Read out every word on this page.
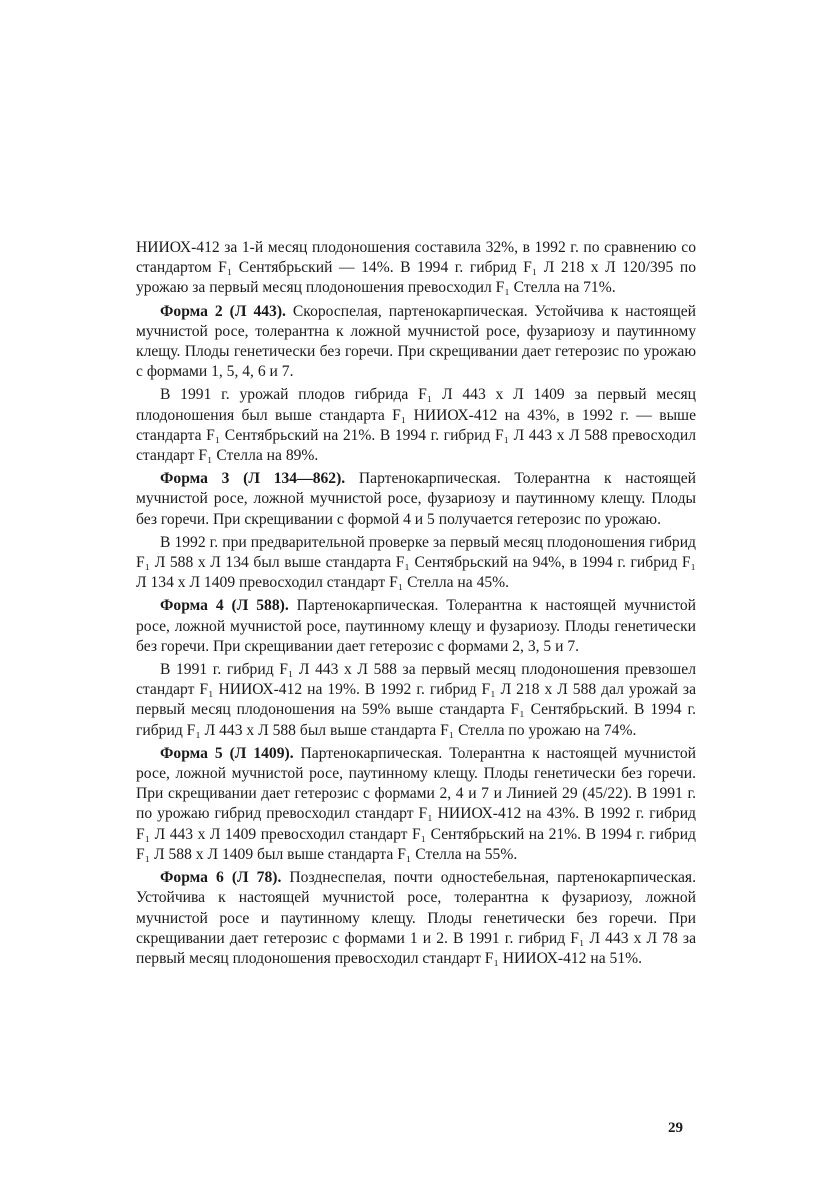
НИИОХ-412 за 1-й месяц плодоношения составила 32%, в 1992 г. по сравнению со стандартом F₁ Сентябрьский — 14%. В 1994 г. гибрид F₁ Л 218 х Л 120/395 по урожаю за первый месяц плодоношения превосходил F₁ Стелла на 71%.

Форма 2 (Л 443). Скороспелая, партенокарпическая. Устойчива к настоящей мучнистой росе, толерантна к ложной мучнистой росе, фузариозу и паутинному клещу. Плоды генетически без горечи. При скрещивании дает гетерозис по урожаю с формами 1, 5, 4, 6 и 7.

В 1991 г. урожай плодов гибрида F₁ Л 443 х Л 1409 за первый месяц плодоношения был выше стандарта F₁ НИИОХ-412 на 43%, в 1992 г. — выше стандарта F₁ Сентябрьский на 21%. В 1994 г. гибрид F₁ Л 443 х Л 588 превосходил стандарт F₁ Стелла на 89%.

Форма 3 (Л 134—862). Партенокарпическая. Толерантна к настоящей мучнистой росе, ложной мучнистой росе, фузариозу и паутинному клещу. Плоды без горечи. При скрещивании с формой 4 и 5 получается гетерозис по урожаю.

В 1992 г. при предварительной проверке за первый месяц плодоношения гибрид F₁ Л 588 х Л 134 был выше стандарта F₁ Сентябрьский на 94%, в 1994 г. гибрид F₁ Л 134 х Л 1409 превосходил стандарт F₁ Стелла на 45%.

Форма 4 (Л 588). Партенокарпическая. Толерантна к настоящей мучнистой росе, ложной мучнистой росе, паутинному клещу и фузариозу. Плоды генетически без горечи. При скрещивании дает гетерозис с формами 2, 3, 5 и 7.

В 1991 г. гибрид F₁ Л 443 х Л 588 за первый месяц плодоношения превзошел стандарт F₁ НИИОХ-412 на 19%. В 1992 г. гибрид F₁ Л 218 х Л 588 дал урожай за первый месяц плодоношения на 59% выше стандарта F₁ Сентябрьский. В 1994 г. гибрид F₁ Л 443 х Л 588 был выше стандарта F₁ Стелла по урожаю на 74%.

Форма 5 (Л 1409). Партенокарпическая. Толерантна к настоящей мучнистой росе, ложной мучнистой росе, паутинному клещу. Плоды генетически без горечи. При скрещивании дает гетерозис с формами 2, 4 и 7 и Линией 29 (45/22). В 1991 г. по урожаю гибрид превосходил стандарт F₁ НИИОХ-412 на 43%. В 1992 г. гибрид F₁ Л 443 х Л 1409 превосходил стандарт F₁ Сентябрьский на 21%. В 1994 г. гибрид F₁ Л 588 х Л 1409 был выше стандарта F₁ Стелла на 55%.

Форма 6 (Л 78). Позднеспелая, почти одностебельная, партенокарпическая. Устойчива к настоящей мучнистой росе, толерантна к фузариозу, ложной мучнистой росе и паутинному клещу. Плоды генетически без горечи. При скрещивании дает гетерозис с формами 1 и 2. В 1991 г. гибрид F₁ Л 443 х Л 78 за первый месяц плодоношения превосходил стандарт F₁ НИИОХ-412 на 51%.

29
